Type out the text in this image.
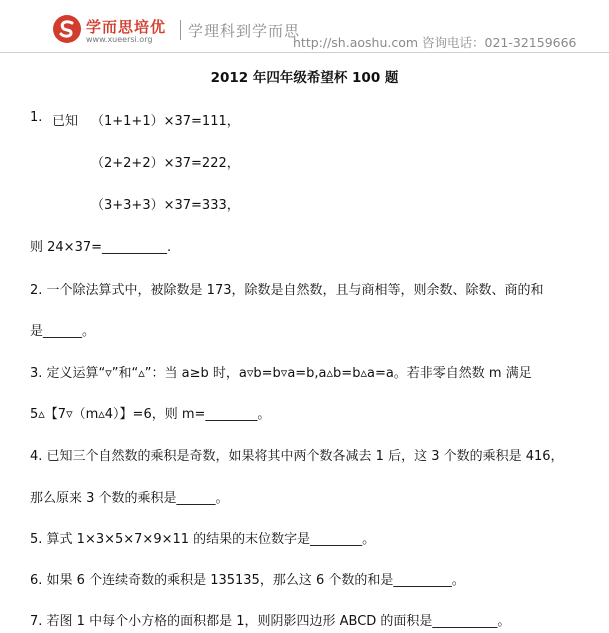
学而思培优
www.xueersi.org 学理科到学而思
http://sh.aoshu.com 咨询电话：021-32159666
2012 年四年级希望杯 100 题
1. 已知 （1+1+1）×37=111，
（2+2+2）×37=222，
（3+3+3）×37=333，
则 24×37=__________.
2. 一个除法算式中，被除数是 173，除数是自然数，且与商相等，则余数、除数、商的和
是______。
3. 定义运算“▿”和“▵”：当 a≥b 时，a▿b=b▿a=b,a▵b=b▵a=a。若非零自然数 m 满足
5▵【7▿（m▵4）】=6，则 m=________。
4. 已知三个自然数的乘积是奇数，如果将其中两个数各减去 1 后，这 3 个数的乘积是 416，
那么原来 3 个数的乘积是______。
5. 算式 1×3×5×7×9×11 的结果的末位数字是________。
6. 如果 6 个连续奇数的乘积是 135135，那么这 6 个数的和是_________。
7. 若图 1 中每个小方格的面积都是 1，则阴影四边形 ABCD 的面积是__________。
